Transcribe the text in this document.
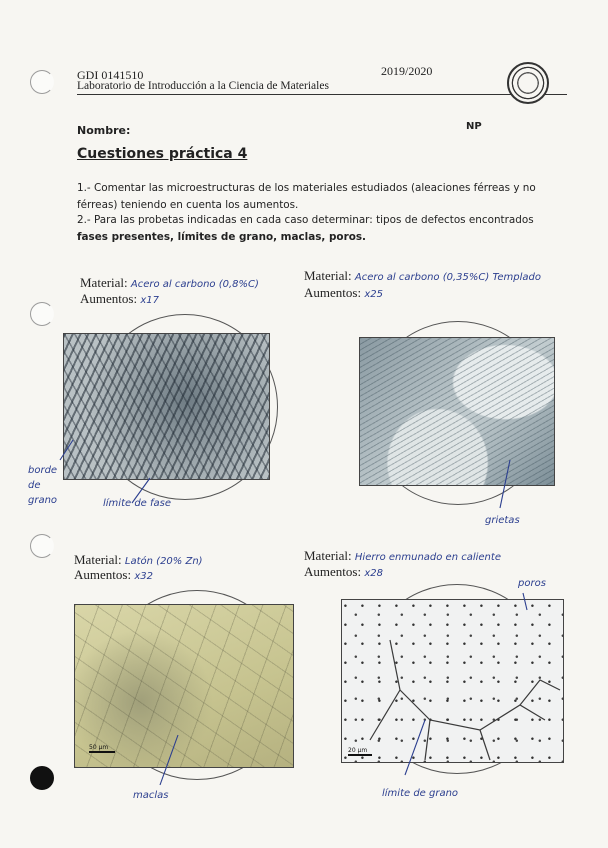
GDI 0141510	2019/2020
Laboratorio de Introducción a la Ciencia de Materiales
Nombre:	NP
Cuestiones práctica 4
1.- Comentar las microestructuras de los materiales estudiados (aleaciones férreas y no
férreas) teniendo en cuenta los aumentos.
2.- Para las probetas indicadas en cada caso determinar: tipos de defectos encontrados
fases presentes, límites de grano, maclas, poros.
Material: Acero al carbono (0,8%C)
Aumentos: x17
Material: Acero al carbono (0,35%C) Templado
Aumentos: x25
Material: Latón (20% Zn)
Aumentos: x32
50 µm
Material: Hierro enmunado en caliente
Aumentos: x28
20 µm
borde de grano	límite de fase
grietas
maclas
poros
límite de grano
